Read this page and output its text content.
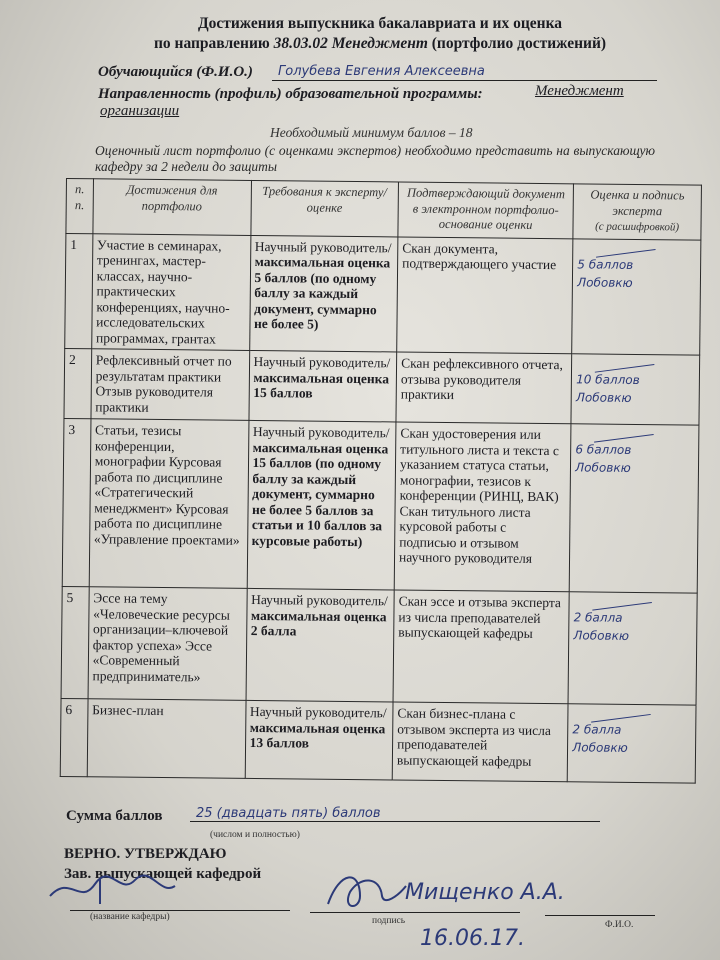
Достижения выпускника бакалавриата и их оценка
по направлению 38.03.02 Менеджмент (портфолио достижений)
Обучающийся (Ф.И.О.) Голубева Евгения Алексеевна
Направленность (профиль) образовательной программы:	Менеджмент
организации
Необходимый минимум баллов – 18
Оценочный лист портфолио (с оценками экспертов) необходимо представить на выпускающую кафедру за 2 недели до защиты
п. п.	Достижения для портфолио	Требования к эксперту/оценке	Подтверждающий документ в электронном портфолио-основание оценки	Оценка и подпись эксперта
(с расшифровкой)
1	Участие в семинарах, тренингах, мастер-классах, научно-практических конференциях, научно-исследовательских программах, грантах	Научный руководитель/
максимальная оценка 5 баллов (по одному баллу за каждый документ, суммарно не более 5)	Скан документа, подтверждающего участие	5 баллов
Лобовкю

2	Рефлексивный отчет по результатам практики Отзыв руководителя практики	Научный руководитель/
максимальная оценка 15 баллов	Скан рефлексивного отчета, отзыва руководителя практики	10 баллов
Лобовкю

3	Статьи, тезисы конференции, монографии Курсовая работа по дисциплине «Стратегический менеджмент» Курсовая работа по дисциплине «Управление проектами»	Научный руководитель/
максимальная оценка 15 баллов (по одному баллу за каждый документ, суммарно не более 5 баллов за статьи и 10 баллов за курсовые работы)	Скан удостоверения или титульного листа и текста с указанием статуса статьи, монографии, тезисов к конференции (РИНЦ, ВАК) Скан титульного листа курсовой работы с подписью и отзывом научного руководителя	6 баллов
Лобовкю

5	Эссе на тему «Человеческие ресурсы организации–ключевой фактор успеха» Эссе «Современный предприниматель»	Научный руководитель/
максимальная оценка 2 балла	Скан эссе и отзыва эксперта из числа преподавателей выпускающей кафедры	2 балла
Лобовкю

6	Бизнес-план	Научный руководитель/
максимальная оценка 13 баллов	Скан бизнес-плана с отзывом эксперта из числа преподавателей выпускающей кафедры	2 балла
Лобовкю
Сумма баллов	25 (двадцать пять) баллов
(числом и полностью)
ВЕРНО. УТВЕРЖДАЮ
Зав. выпускающей кафедрой
(название кафедры)
Мищенко А.А.
подпись	Ф.И.О.
16.06.17.
